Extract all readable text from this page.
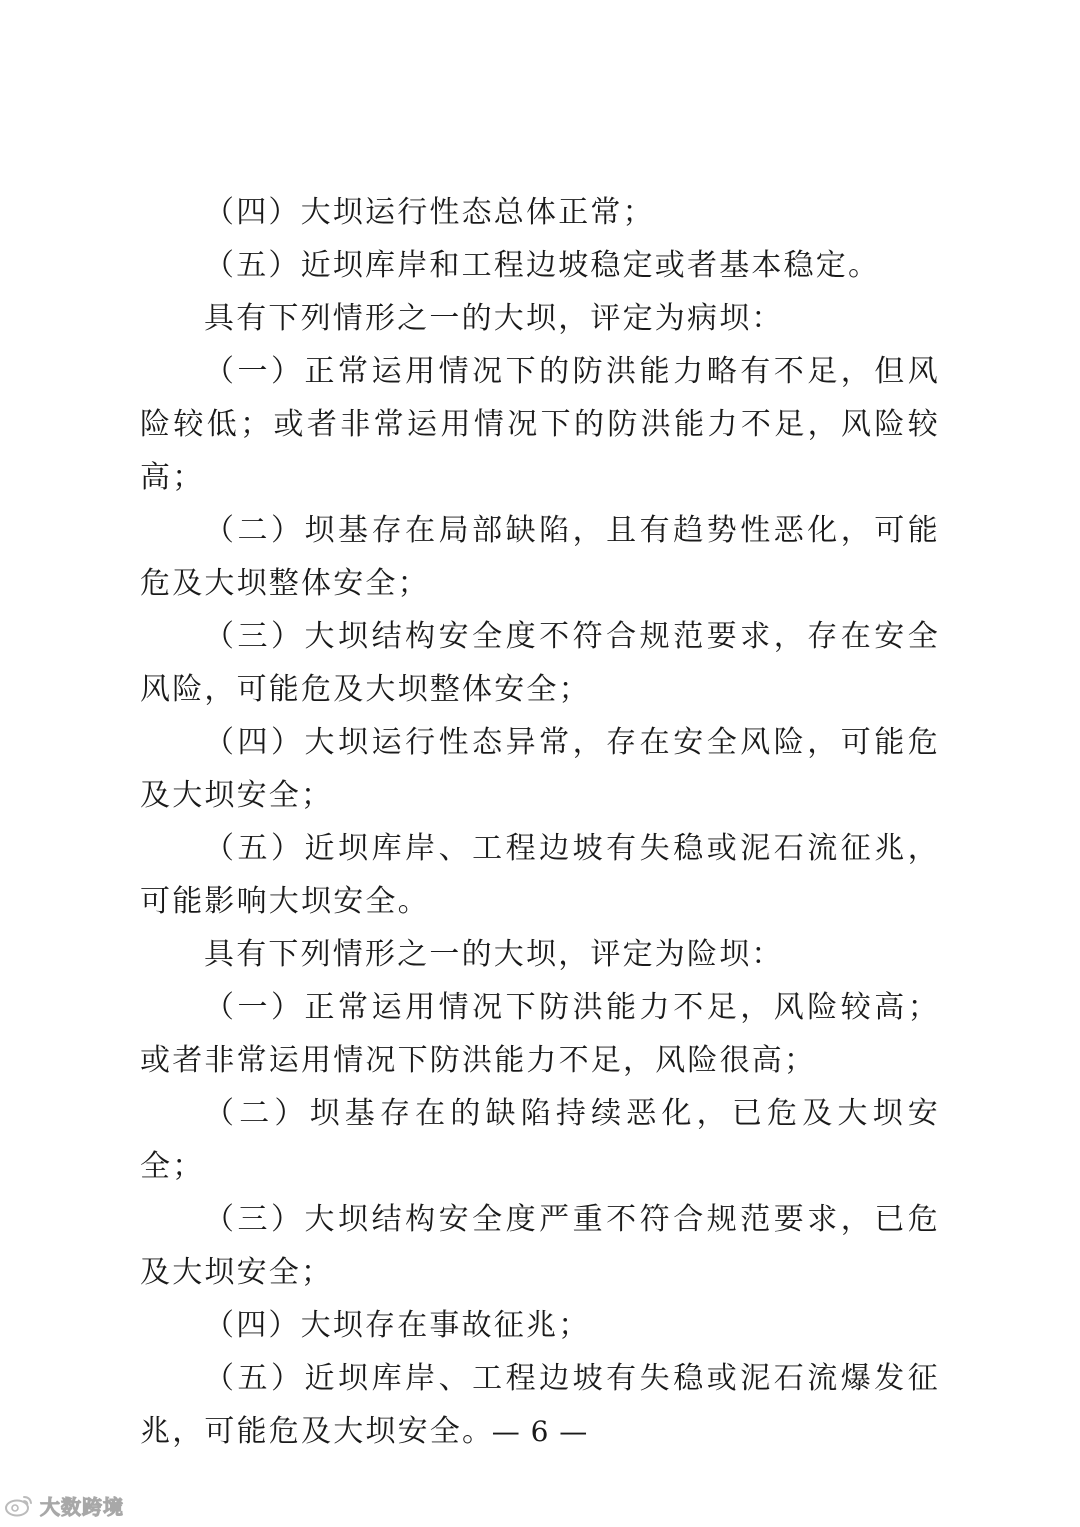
（四）大坝运行性态总体正常；

（五）近坝库岸和工程边坡稳定或者基本稳定。

具有下列情形之一的大坝，评定为病坝：

（一）正常运用情况下的防洪能力略有不足，但风险较低；或者非常运用情况下的防洪能力不足，风险较高；

（二）坝基存在局部缺陷，且有趋势性恶化，可能危及大坝整体安全；

（三）大坝结构安全度不符合规范要求，存在安全风险，可能危及大坝整体安全；

（四）大坝运行性态异常，存在安全风险，可能危及大坝安全；

（五）近坝库岸、工程边坡有失稳或泥石流征兆，可能影响大坝安全。

具有下列情形之一的大坝，评定为险坝：

（一）正常运用情况下防洪能力不足，风险较高；或者非常运用情况下防洪能力不足，风险很高；

（二）坝基存在的缺陷持续恶化，已危及大坝安全；

（三）大坝结构安全度严重不符合规范要求，已危及大坝安全；

（四）大坝存在事故征兆；

（五）近坝库岸、工程边坡有失稳或泥石流爆发征兆，可能危及大坝安全。

— 6 —
大数跨境
